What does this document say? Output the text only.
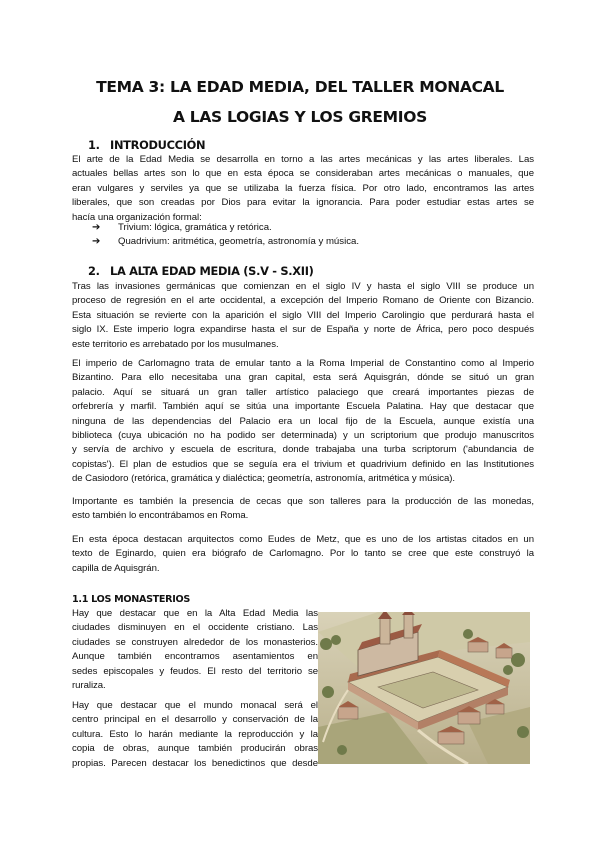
TEMA 3: LA EDAD MEDIA, DEL TALLER MONACAL
A LAS LOGIAS Y LOS GREMIOS
1. INTRODUCCIÓN
El arte de la Edad Media se desarrolla en torno a las artes mecánicas y las artes liberales. Las
actuales bellas artes son lo que en esta época se consideraban artes mecánicas o manuales, que
eran vulgares y serviles ya que se utilizaba la fuerza física. Por otro lado, encontramos las artes
liberales, que son creadas por Dios para evitar la ignorancia. Para poder estudiar estas artes se
hacía una organización formal:
➔ Trivium: lógica, gramática y retórica.
➔ Quadrivium: aritmética, geometría, astronomía y música.
2. LA ALTA EDAD MEDIA (S.V - S.XII)
Tras las invasiones germánicas que comienzan en el siglo IV y hasta el siglo VIII se produce un
proceso de regresión en el arte occidental, a excepción del Imperio Romano de Oriente con Bizancio.
Esta situación se revierte con la aparición el siglo VIII del Imperio Carolingio que perdurará hasta el
siglo IX. Este imperio logra expandirse hasta el sur de España y norte de África, pero poco después
este territorio es arrebatado por los musulmanes.
El imperio de Carlomagno trata de emular tanto a la Roma Imperial de Constantino como al Imperio
Bizantino. Para ello necesitaba una gran capital, esta será Aquisgrán, dónde se situó un gran
palacio. Aquí se situará un gran taller artístico palaciego que creará importantes piezas de
orfebrería y marfil. También aquí se sitúa una importante Escuela Palatina. Hay que destacar que
ninguna de las dependencias del Palacio era un local fijo de la Escuela, aunque existía una
biblioteca (cuya ubicación no ha podido ser determinada) y un scriptorium que produjo manuscritos
y servía de archivo y escuela de escritura, donde trabajaba una turba scriptorum ('abundancia de
copistas'). El plan de estudios que se seguía era el trivium et quadrivium definido en las Institutiones
de Casiodoro (retórica, gramática y dialéctica; geometría, astronomía, aritmética y música).
Importante es también la presencia de cecas que son talleres para la producción de las monedas,
esto también lo encontrábamos en Roma.
En esta época destacan arquitectos como Eudes de Metz, que es uno de los artistas citados en un
texto de Eginardo, quien era biógrafo de Carlomagno. Por lo tanto se cree que este construyó la
capilla de Aquisgrán.
1.1 LOS MONASTERIOS
Hay que destacar que en la Alta Edad Media las
ciudades disminuyen en el occidente cristiano. Las
ciudades se construyen alrededor de los monasterios.
Aunque también encontramos asentamientos en
sedes episcopales y feudos. El resto del territorio se
ruraliza.
Hay que destacar que el mundo monacal será el
centro principal en el desarrollo y conservación de la
cultura. Esto lo harán mediante la reproducción y la
copia de obras, aunque también producirán obras
propias. Parecen destacar los benedictinos que desde
